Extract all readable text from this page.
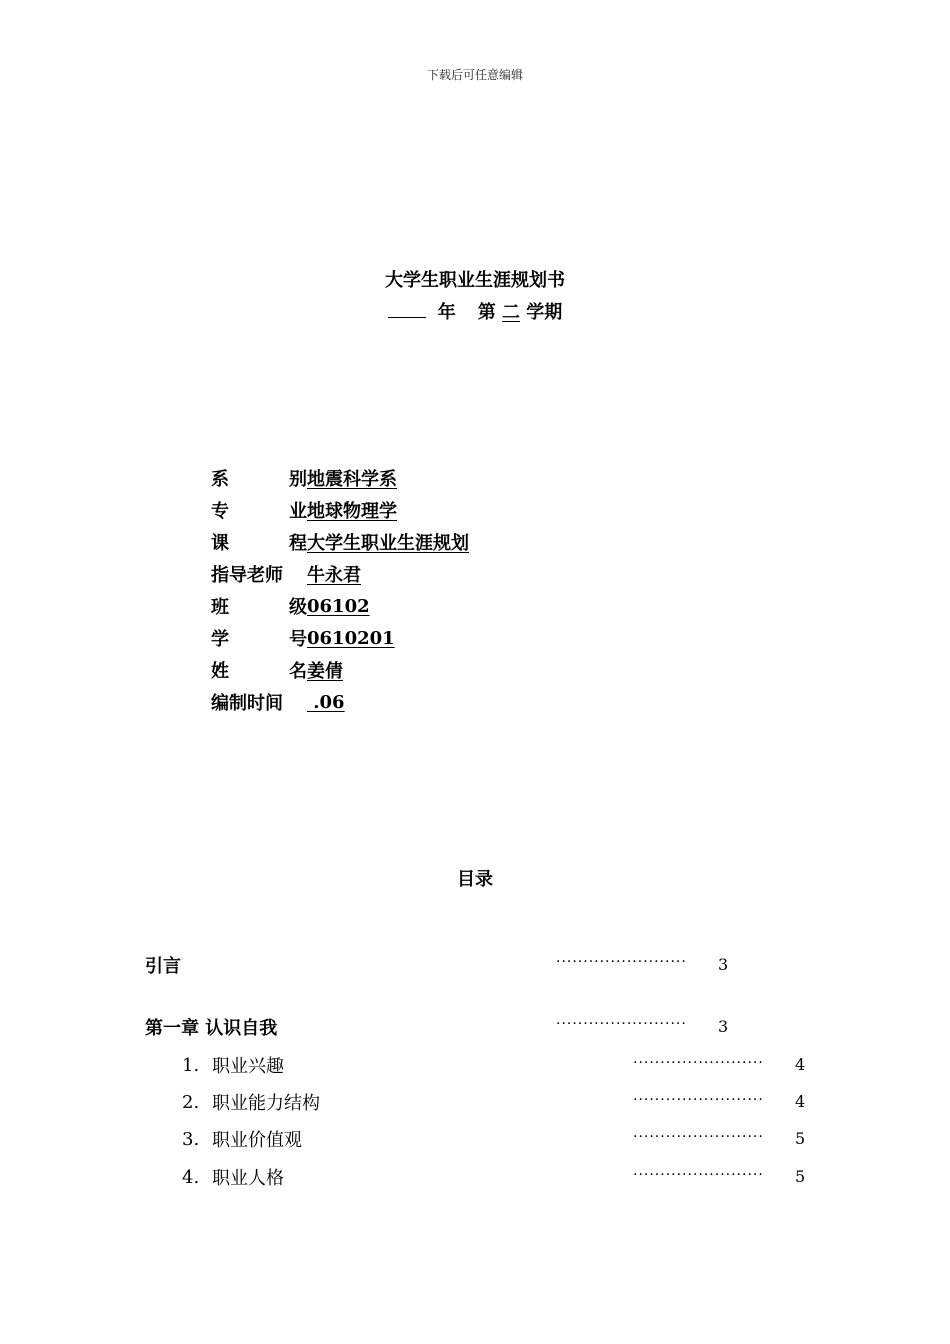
下载后可任意编辑
大学生职业生涯规划书
年 第 二 学期
系	别 地震科学系
专	业 地球物理学
课	程 大学生职业生涯规划
指导老师 牛永君
班	级 06102
学	号 0610201
姓	名 姜倩
编制时间 .06
目录
引言	························ 3
第一章 认识自我	························ 3
1. 职业兴趣	························ 4
2. 职业能力结构	························ 4
3. 职业价值观	························ 5
4. 职业人格	························ 5
